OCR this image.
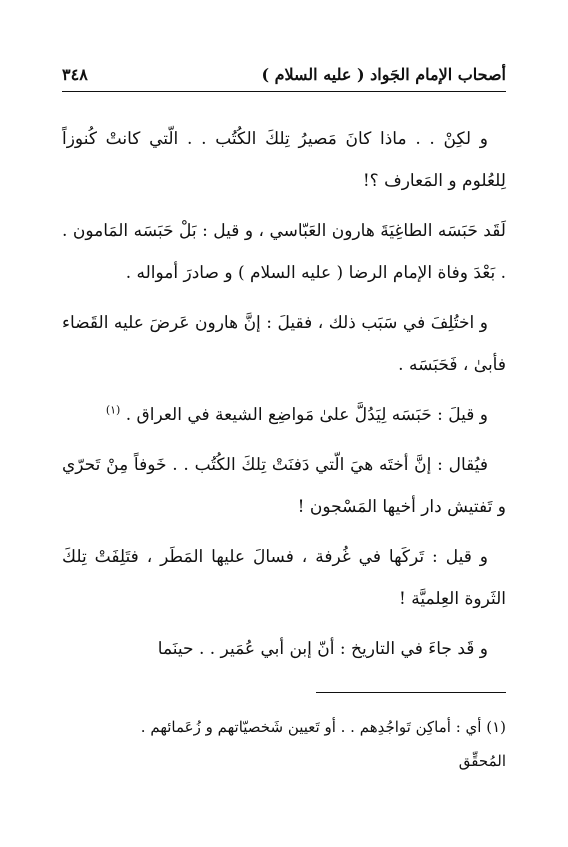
أصحاب الإمام الجَواد ( عليه السلام )
٣٤٨

و لكِنْ . . ماذا كانَ مَصيرُ تِلكَ الكُتُب . . الّتي كانتْ كُنوزاً لِلعُلوم و المَعارف ؟!

لَقَد حَبَسَه الطاغِيَةَ هارون العَبّاسي ، و قيل : بَلْ حَبَسَه المَامون . . بَعْدَ وفاة الإمام الرضا ( عليه السلام ) و صادرَ أمواله .

و اختُلِفَ في سَبَب ذلك ، فقيلَ : إنَّ هارون عَرضَ عليه القَضاء فأبىٰ ، فَحَبَسَه .

و قيلَ : حَبَسَه لِيَدُلَّ علىٰ مَواضِع الشيعة في العراق . $^{(١)}$

فيُقال : إنَّ أختَه هيَ الّتي دَفنَتْ تِلكَ الكُتُب . . خَوفاً مِنْ تَحرّي و تَفتيش دار أخيها المَسْجون !

و قيل : تَركَها في غُرفة ، فسالَ عليها المَطَر ، فتَلِفَتْ تِلكَ الثَروة العِلميَّة !

و قَد جاءَ في التاريخ : أنّ إبن أبي عُمَير . . حينَما

(١) أي : أماكِن تَواجُدِهم . . أو تَعيين شَخصيّاتهم و زُعَمائهم .

المُحقِّق
